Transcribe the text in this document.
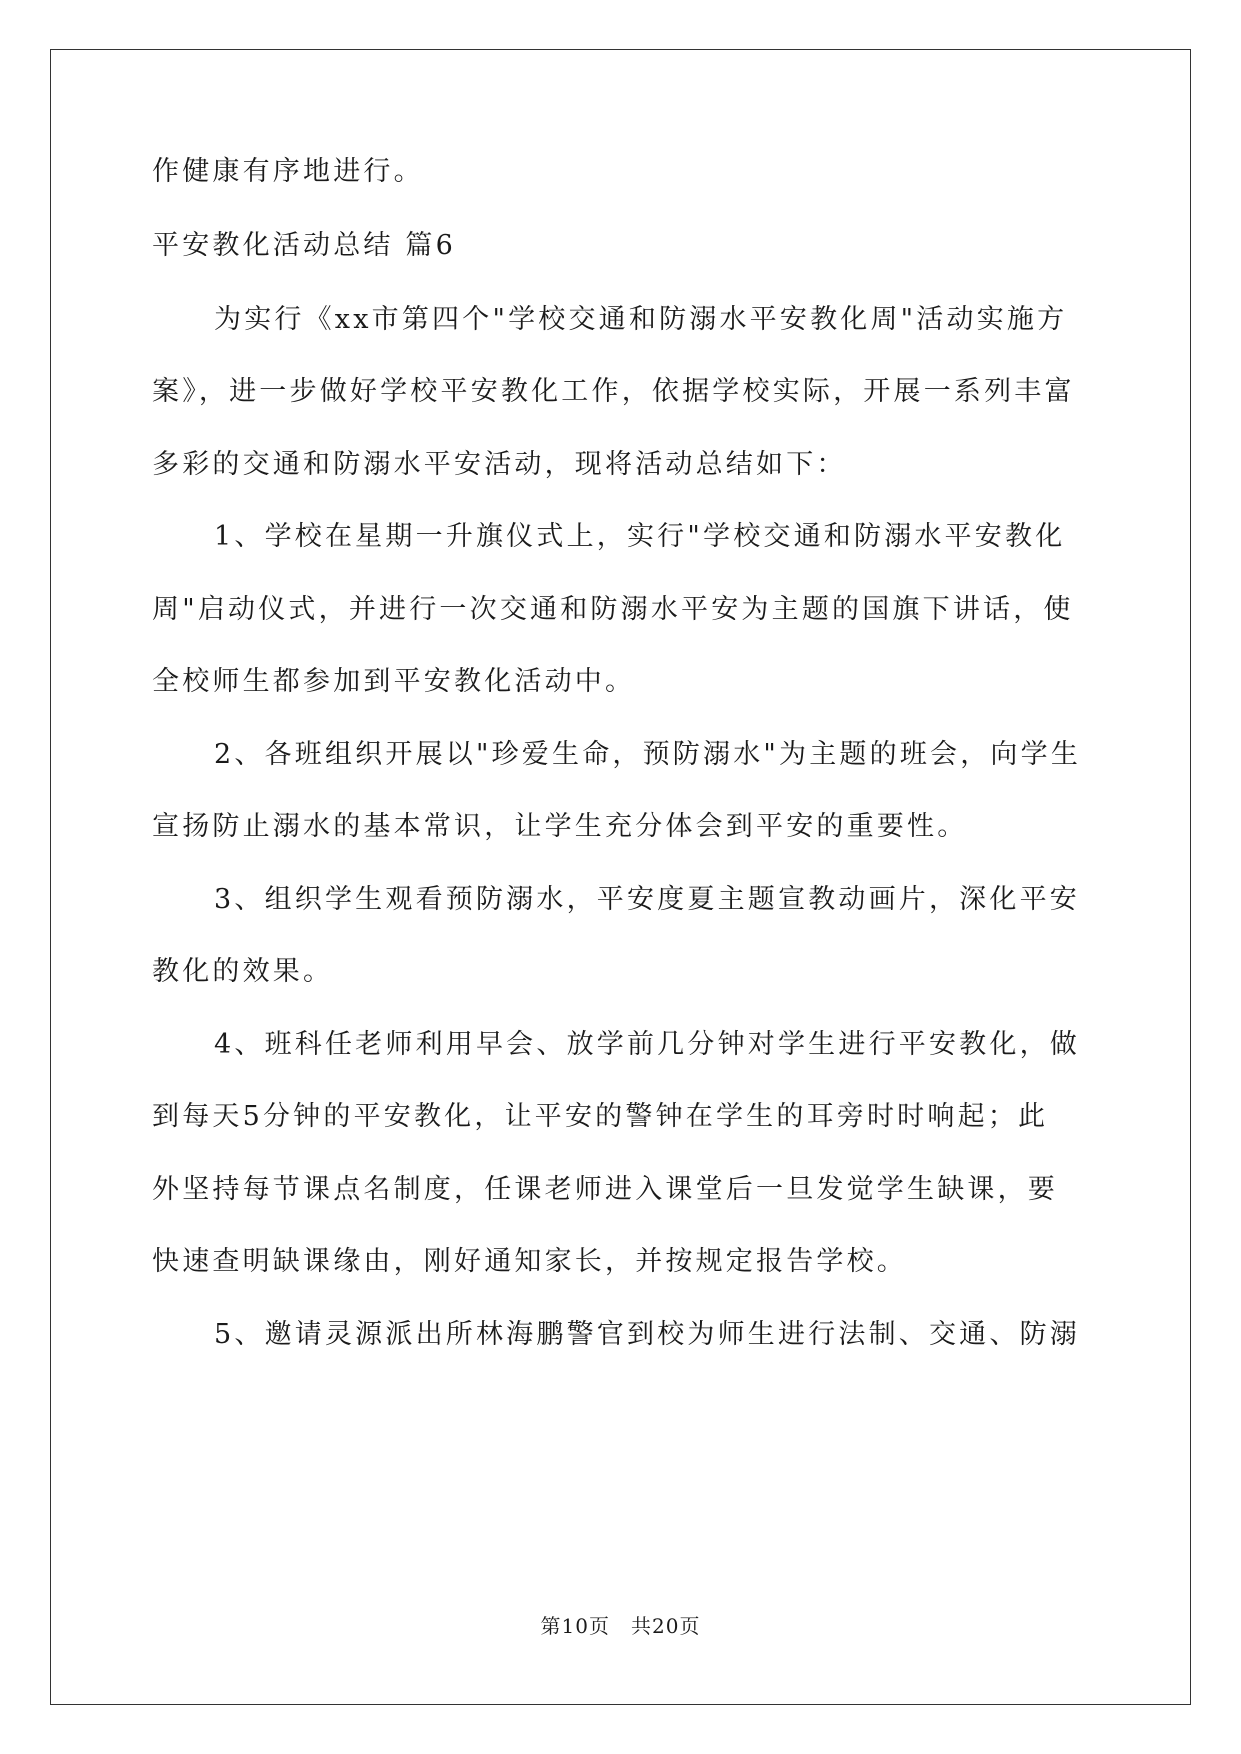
作健康有序地进行。
平安教化活动总结 篇6
为实行《xx市第四个"学校交通和防溺水平安教化周"活动实施方
案》，进一步做好学校平安教化工作，依据学校实际，开展一系列丰富
多彩的交通和防溺水平安活动，现将活动总结如下：
1、学校在星期一升旗仪式上，实行"学校交通和防溺水平安教化
周"启动仪式，并进行一次交通和防溺水平安为主题的国旗下讲话，使
全校师生都参加到平安教化活动中。
2、各班组织开展以"珍爱生命，预防溺水"为主题的班会，向学生
宣扬防止溺水的基本常识，让学生充分体会到平安的重要性。
3、组织学生观看预防溺水，平安度夏主题宣教动画片，深化平安
教化的效果。
4、班科任老师利用早会、放学前几分钟对学生进行平安教化，做
到每天5分钟的平安教化，让平安的警钟在学生的耳旁时时响起；此
外坚持每节课点名制度，任课老师进入课堂后一旦发觉学生缺课，要
快速查明缺课缘由，刚好通知家长，并按规定报告学校。
5、邀请灵源派出所林海鹏警官到校为师生进行法制、交通、防溺
第10页　共20页
